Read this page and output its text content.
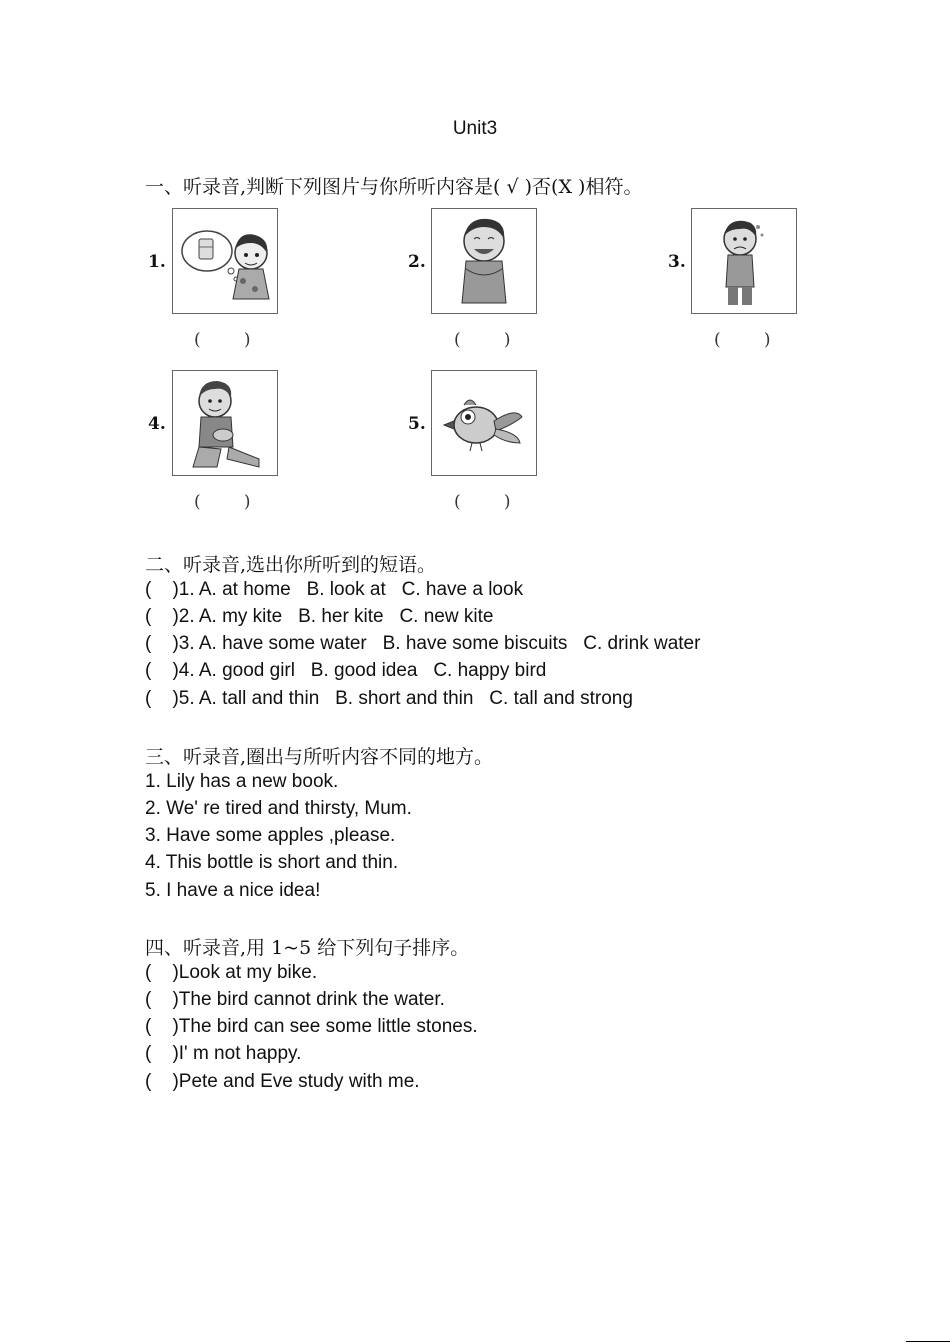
Unit3
一、听录音,判断下列图片与你所听内容是( √ )否(X )相符。
1.
(        )
2.
(        )
3.
(        )
4.
(        )
5.
(        )
二、听录音,选出你所听到的短语。
(    )1. A. at home   B. look at   C. have a look
(    )2. A. my kite   B. her kite   C. new kite
(    )3. A. have some water   B. have some biscuits   C. drink water
(    )4. A. good girl   B. good idea   C. happy bird
(    )5. A. tall and thin   B. short and thin   C. tall and strong
三、听录音,圈出与所听内容不同的地方。
1. Lily has a new book.
2. We' re tired and thirsty, Mum.
3. Have some apples ,please.
4. This bottle is short and thin.
5. I have a nice idea!
四、听录音,用 1~5 给下列句子排序。
(    )Look at my bike.
(    )The bird cannot drink the water.
(    )The bird can see some little stones.
(    )I' m not happy.
(    )Pete and Eve study with me.
